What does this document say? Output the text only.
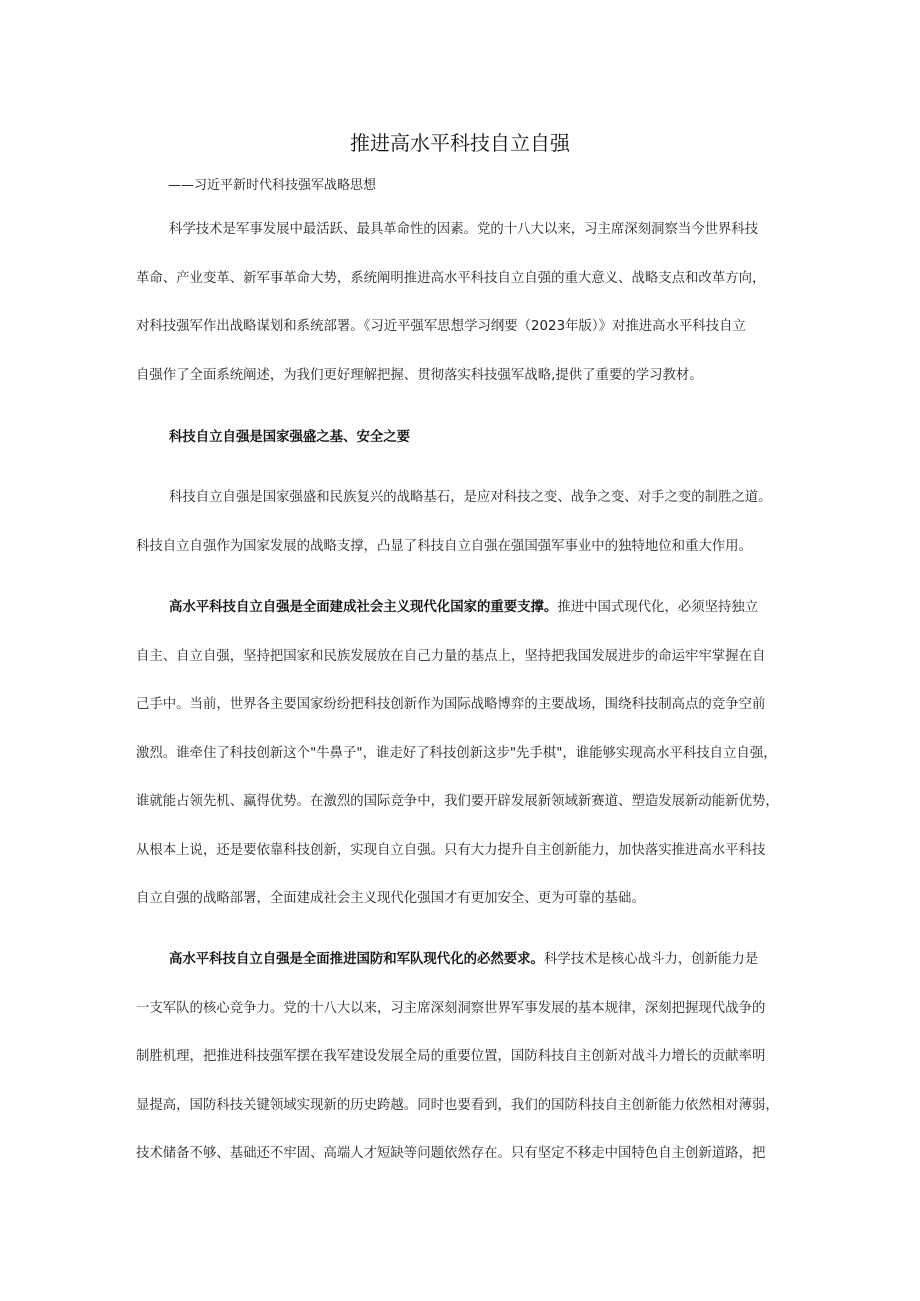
推进高水平科技自立自强
——习近平新时代科技强军战略思想
科学技术是军事发展中最活跃、最具革命性的因素。党的十八大以来，习主席深刻洞察当今世界科技
革命、产业变革、新军事革命大势，系统阐明推进高水平科技自立自强的重大意义、战略支点和改革方向，
对科技强军作出战略谋划和系统部署。《习近平强军思想学习纲要（2023年版）》对推进高水平科技自立
自强作了全面系统阐述，为我们更好理解把握、贯彻落实科技强军战略,提供了重要的学习教材。
科技自立自强是国家强盛之基、安全之要
科技自立自强是国家强盛和民族复兴的战略基石，是应对科技之变、战争之变、对手之变的制胜之道。
科技自立自强作为国家发展的战略支撑，凸显了科技自立自强在强国强军事业中的独特地位和重大作用。
高水平科技自立自强是全面建成社会主义现代化国家的重要支撑。推进中国式现代化，必须坚持独立
自主、自立自强，坚持把国家和民族发展放在自己力量的基点上，坚持把我国发展进步的命运牢牢掌握在自
己手中。当前，世界各主要国家纷纷把科技创新作为国际战略博弈的主要战场，围绕科技制高点的竞争空前
激烈。谁牵住了科技创新这个"牛鼻子"，谁走好了科技创新这步"先手棋"，谁能够实现高水平科技自立自强，
谁就能占领先机、赢得优势。在激烈的国际竞争中，我们要开辟发展新领域新赛道、塑造发展新动能新优势，
从根本上说，还是要依靠科技创新，实现自立自强。只有大力提升自主创新能力，加快落实推进高水平科技
自立自强的战略部署，全面建成社会主义现代化强国才有更加安全、更为可靠的基础。
高水平科技自立自强是全面推进国防和军队现代化的必然要求。科学技术是核心战斗力，创新能力是
一支军队的核心竞争力。党的十八大以来，习主席深刻洞察世界军事发展的基本规律，深刻把握现代战争的
制胜机理，把推进科技强军摆在我军建设发展全局的重要位置，国防科技自主创新对战斗力增长的贡献率明
显提高，国防科技关键领域实现新的历史跨越。同时也要看到，我们的国防科技自主创新能力依然相对薄弱，
技术储备不够、基础还不牢固、高端人才短缺等问题依然存在。只有坚定不移走中国特色自主创新道路，把
